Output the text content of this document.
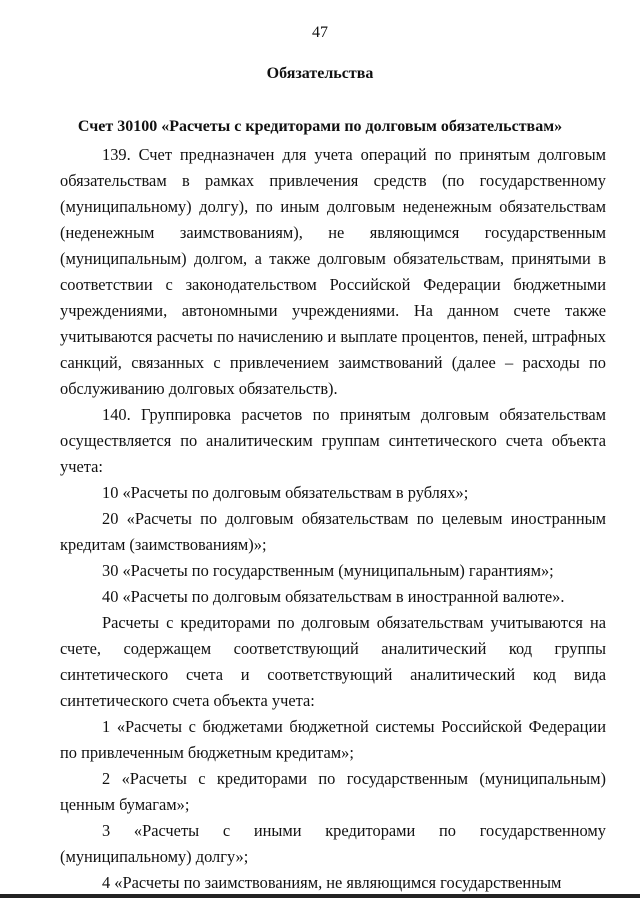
47
Обязательства
Счет 30100 «Расчеты с кредиторами по долговым обязательствам»

139. Счет предназначен для учета операций по принятым долговым обязательствам в рамках привлечения средств (по государственному (муниципальному) долгу), по иным долговым неденежным обязательствам (неденежным заимствованиям), не являющимся государственным (муниципальным) долгом, а также долговым обязательствам, принятыми в соответствии с законодательством Российской Федерации бюджетными учреждениями, автономными учреждениями. На данном счете также учитываются расчеты по начислению и выплате процентов, пеней, штрафных санкций, связанных с привлечением заимствований (далее – расходы по обслуживанию долговых обязательств).

140. Группировка расчетов по принятым долговым обязательствам осуществляется по аналитическим группам синтетического счета объекта учета:

10 «Расчеты по долговым обязательствам в рублях»;

20 «Расчеты по долговым обязательствам по целевым иностранным кредитам (заимствованиям)»;

30 «Расчеты по государственным (муниципальным) гарантиям»;

40 «Расчеты по долговым обязательствам в иностранной валюте».

Расчеты с кредиторами по долговым обязательствам учитываются на счете, содержащем соответствующий аналитический код группы синтетического счета и соответствующий аналитический код вида синтетического счета объекта учета:

1 «Расчеты с бюджетами бюджетной системы Российской Федерации по привлеченным бюджетным кредитам»;

2 «Расчеты с кредиторами по государственным (муниципальным) ценным бумагам»;

3 «Расчеты с иными кредиторами по государственному (муниципальному) долгу»;

4 «Расчеты по заимствованиям, не являющимся государственным
